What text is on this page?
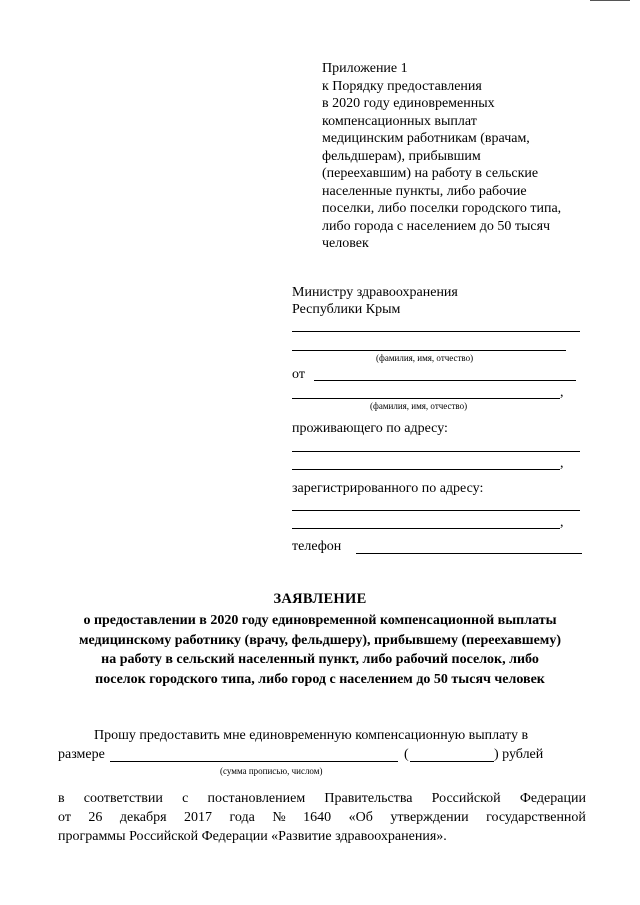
Приложение 1
к Порядку предоставления
в 2020 году единовременных
компенсационных выплат
медицинским работникам (врачам,
фельдшерам), прибывшим
(переехавшим) на работу в сельские
населенные пункты, либо рабочие
поселки, либо поселки городского типа,
либо города с населением до 50 тысяч
человек
Министру здравоохранения
Республики Крым
(фамилия, имя, отчество)
от
,
(фамилия, имя, отчество)
проживающего по адресу:
,
зарегистрированного по адресу:
,
телефон
ЗАЯВЛЕНИЕ
о предоставлении в 2020 году единовременной компенсационной выплаты
медицинскому работнику (врачу, фельдшеру), прибывшему (переехавшему)
на работу в сельский населенный пункт, либо рабочий поселок, либо
поселок городского типа, либо город с населением до 50 тысяч человек
Прошу предоставить мне единовременную компенсационную выплату в
размере	(	) рублей
(сумма прописью, числом)
в соответствии с постановлением Правительства Российской Федерации
от 26 декабря 2017 года № 1640 «Об утверждении государственной
программы Российской Федерации «Развитие здравоохранения».
